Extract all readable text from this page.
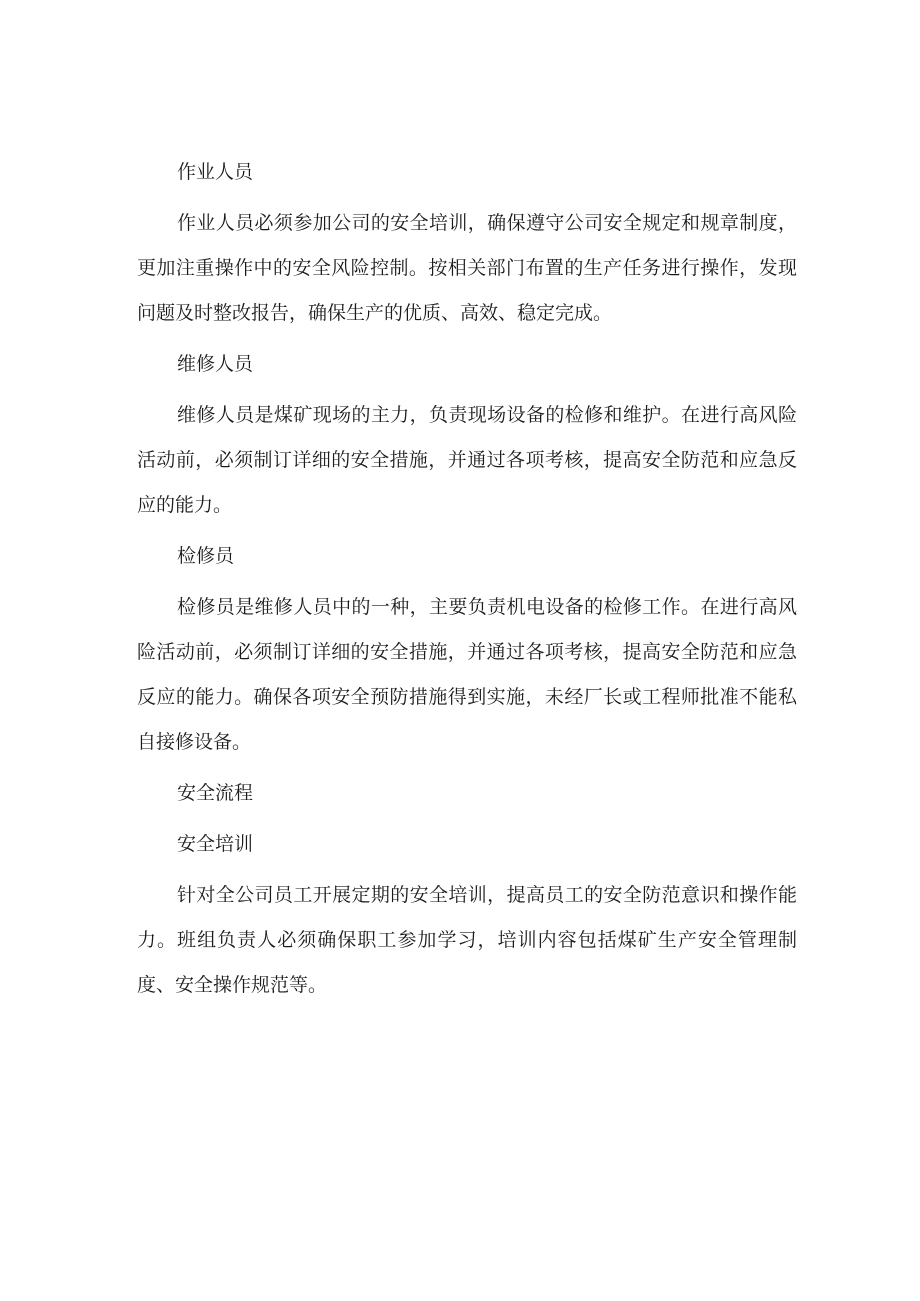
作业人员

作业人员必须参加公司的安全培训，确保遵守公司安全规定和规章制度，更加注重操作中的安全风险控制。按相关部门布置的生产任务进行操作，发现问题及时整改报告，确保生产的优质、高效、稳定完成。

维修人员

维修人员是煤矿现场的主力，负责现场设备的检修和维护。在进行高风险活动前，必须制订详细的安全措施，并通过各项考核，提高安全防范和应急反应的能力。

检修员

检修员是维修人员中的一种，主要负责机电设备的检修工作。在进行高风险活动前，必须制订详细的安全措施，并通过各项考核，提高安全防范和应急反应的能力。确保各项安全预防措施得到实施，未经厂长或工程师批准不能私自接修设备。

安全流程

安全培训

针对全公司员工开展定期的安全培训，提高员工的安全防范意识和操作能力。班组负责人必须确保职工参加学习，培训内容包括煤矿生产安全管理制度、安全操作规范等。
